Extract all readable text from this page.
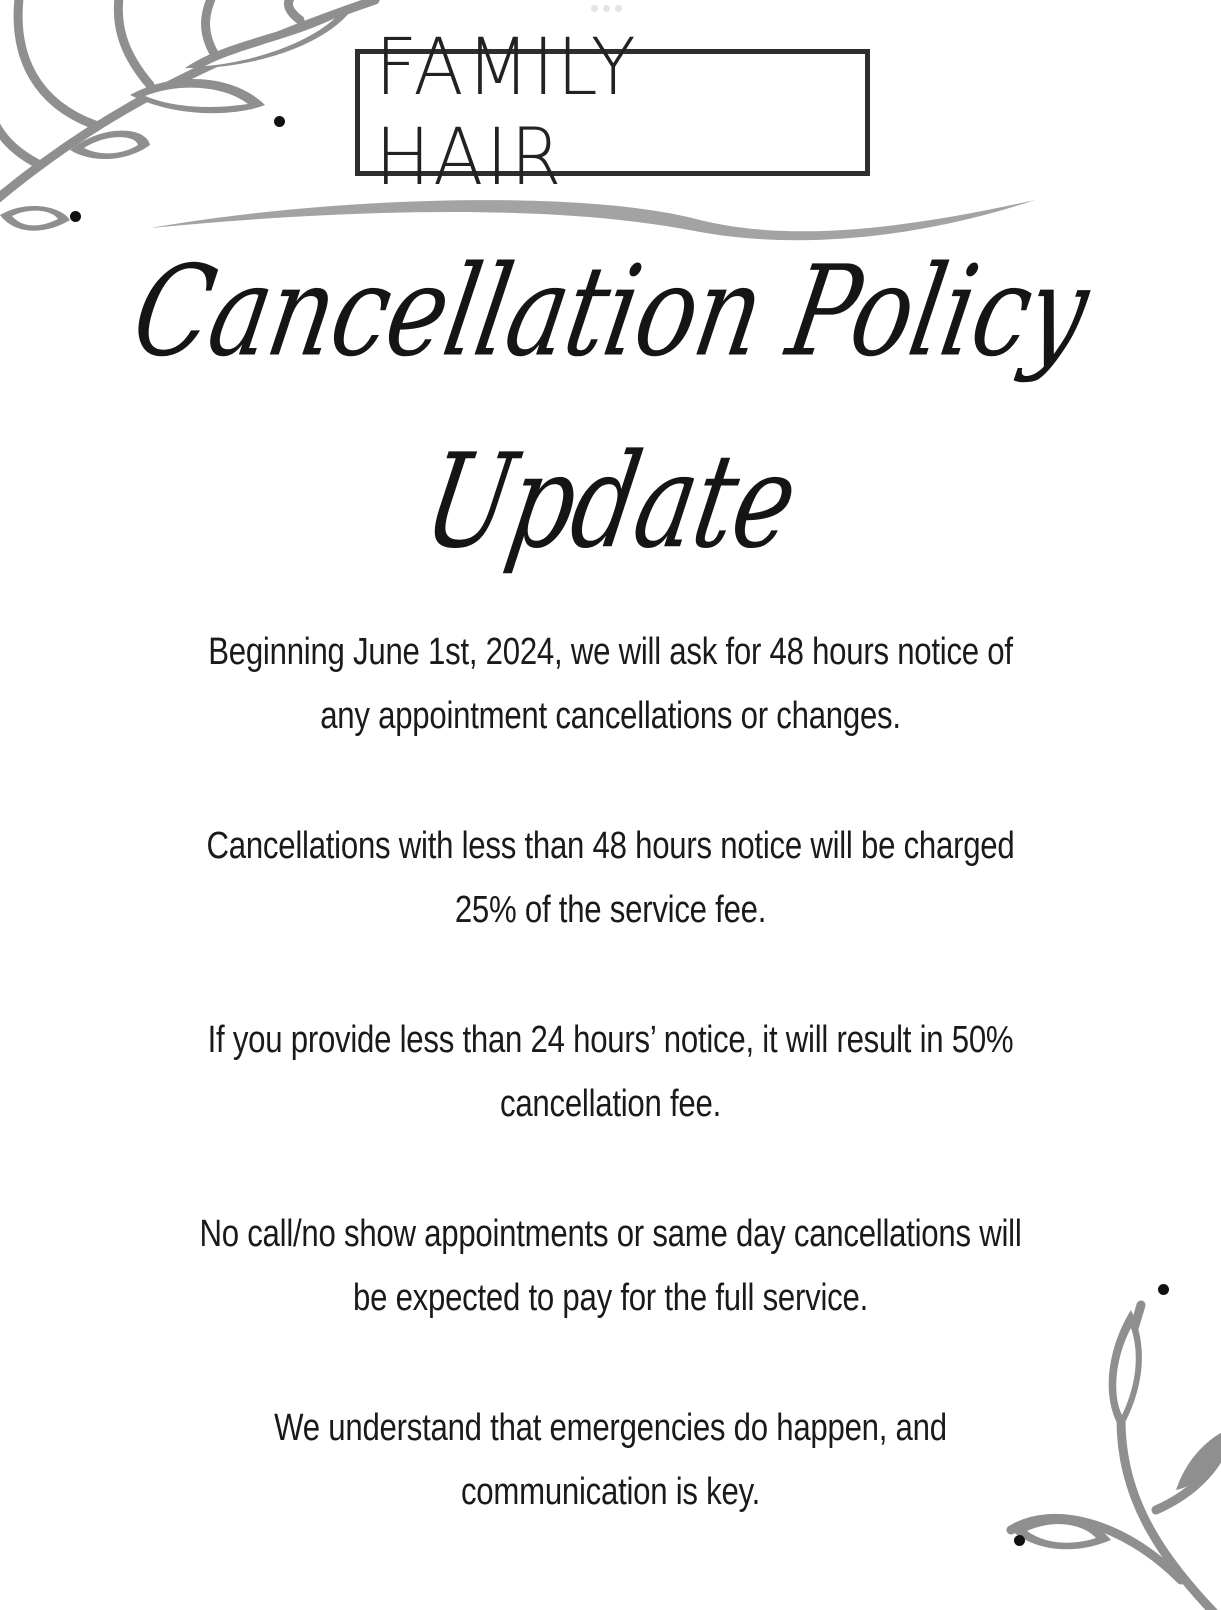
FAMILY HAIR
Cancellation Policy
Update

Beginning June 1st, 2024, we will ask for 48 hours notice of
any appointment cancellations or changes.

Cancellations with less than 48 hours notice will be charged
25% of the service fee.

If you provide less than 24 hours’ notice, it will result in 50%
cancellation fee.

No call/no show appointments or same day cancellations will
be expected to pay for the full service.

We understand that emergencies do happen, and
communication is key.
